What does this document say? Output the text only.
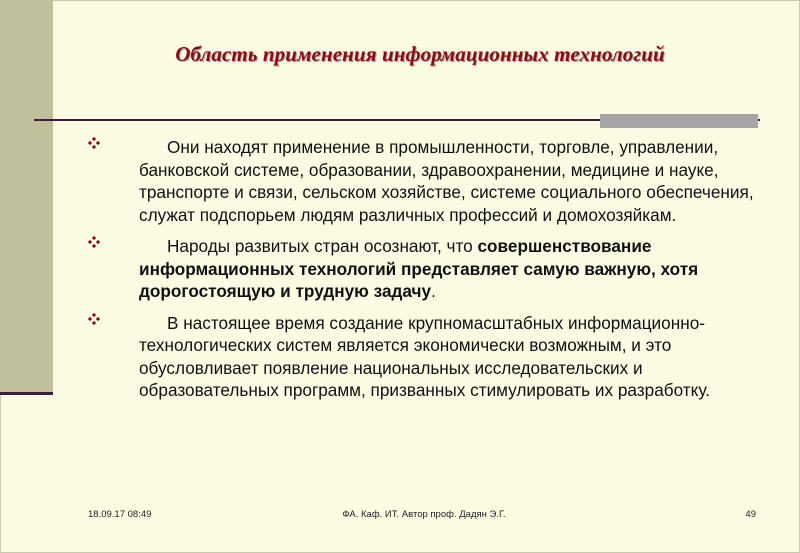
Область применения информационных технологий
Они находят применение в промышленности, торговле, управлении, банковской системе, образовании, здравоохранении, медицине и науке, транспорте и связи, сельском хозяйстве, системе социального обеспечения, служат подспорьем людям различных профессий и домохозяйкам.
Народы развитых стран осознают, что совершенствование информационных технологий представляет самую важную, хотя дорогостоящую и трудную задачу.
В настоящее время создание крупномасштабных информационно-технологических систем является экономически возможным, и это обусловливает появление национальных исследовательских и образовательных программ, призванных стимулировать их разработку.
18.09.17 08:49	ФА. Каф. ИТ. Автор проф. Дадян Э.Г.	49
